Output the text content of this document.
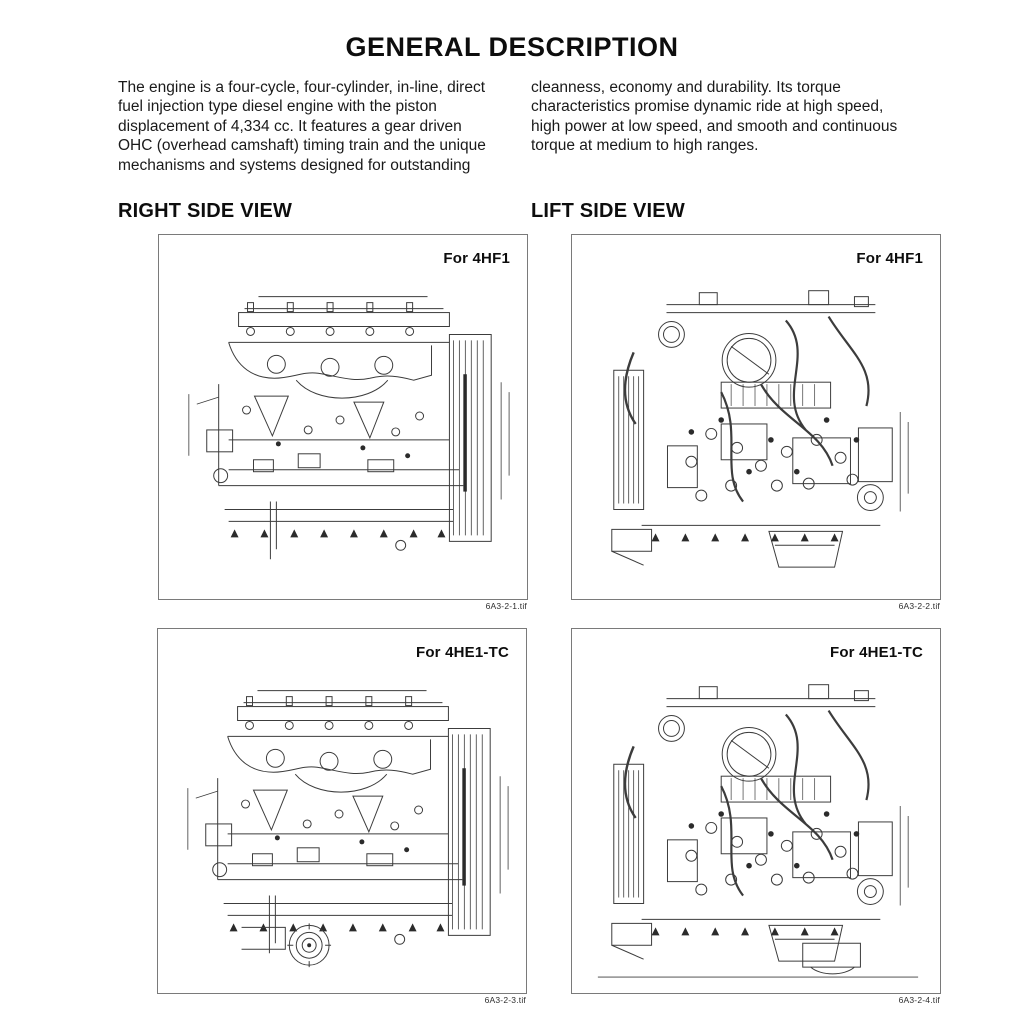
GENERAL DESCRIPTION

The engine is a four-cycle, four-cylinder, in-line, direct fuel injection type diesel engine with the piston displacement of 4,334 cc. It features a gear driven OHC (overhead camshaft) timing train and the unique mechanisms and systems designed for outstanding

cleanness, economy and durability. Its torque characteristics promise dynamic ride at high speed, high power at low speed, and smooth and continuous torque at medium to high ranges.

RIGHT SIDE VIEW	LIFT SIDE VIEW
For 4HF1
6A3-2-1.tif
For 4HF1
6A3-2-2.tif
For 4HE1-TC
6A3-2-3.tif
For 4HE1-TC
6A3-2-4.tif
